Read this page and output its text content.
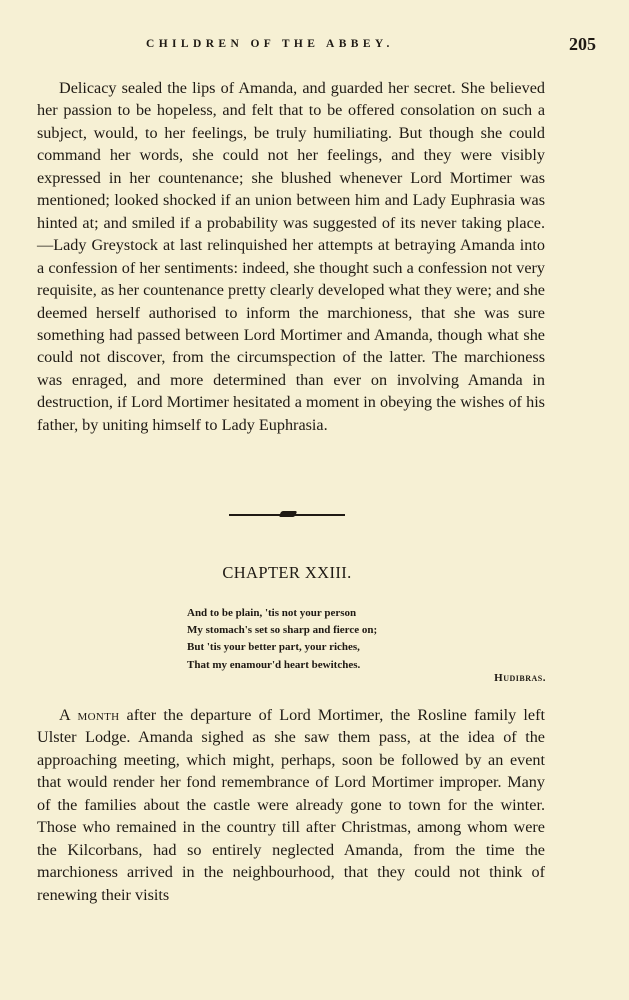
CHILDREN OF THE ABBEY.	205

Delicacy sealed the lips of Amanda, and guarded her secret. She believed her passion to be hopeless, and felt that to be offered consolation on such a subject, would, to her feelings, be truly humiliating. But though she could command her words, she could not her feelings, and they were visibly expressed in her countenance; she blushed whenever Lord Mortimer was mentioned; looked shocked if an union between him and Lady Euphrasia was hinted at; and smiled if a probability was suggested of its never taking place.—Lady Greystock at last relinquished her attempts at betraying Amanda into a confession of her sentiments: indeed, she thought such a confession not very requisite, as her countenance pretty clearly developed what they were; and she deemed herself authorised to inform the marchioness, that she was sure something had passed between Lord Mortimer and Amanda, though what she could not discover, from the circumspection of the latter. The marchioness was enraged, and more determined than ever on involving Amanda in destruction, if Lord Mortimer hesitated a moment in obeying the wishes of his father, by uniting himself to Lady Euphrasia.

CHAPTER XXIII.
And to be plain, 'tis not your person
My stomach's set so sharp and fierce on;
But 'tis your better part, your riches,
That my enamour'd heart bewitches.
Hudibras.

A month after the departure of Lord Mortimer, the Rosline family left Ulster Lodge. Amanda sighed as she saw them pass, at the idea of the approaching meeting, which might, perhaps, soon be followed by an event that would render her fond remembrance of Lord Mortimer improper. Many of the families about the castle were already gone to town for the winter. Those who remained in the country till after Christmas, among whom were the Kilcorbans, had so entirely neglected Amanda, from the time the marchioness arrived in the neighbourhood, that they could not think of renewing their visits
